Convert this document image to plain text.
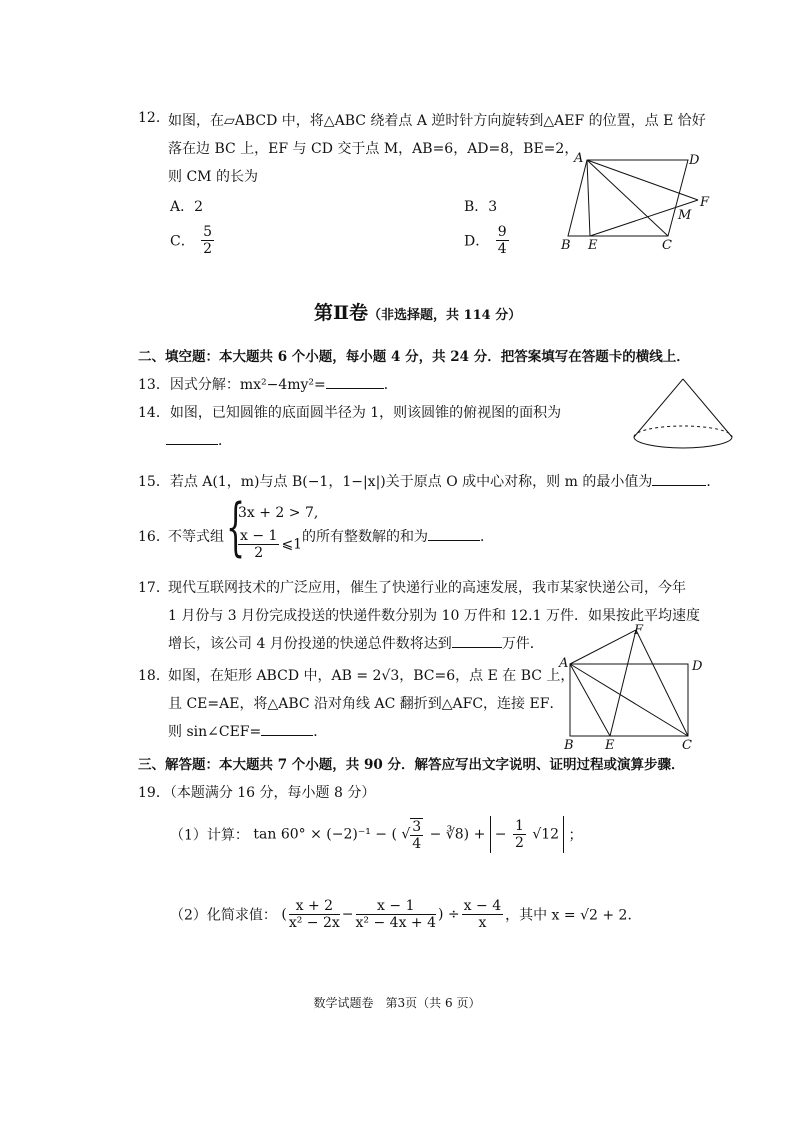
12. 如图，在▱ABCD 中，将△ABC 绕着点 A 逆时针方向旋转到△AEF 的位置，点 E 恰好
落在边 BC 上，EF 与 CD 交于点 M，AB=6，AD=8，BE=2，
则 CM 的长为
A．2	B．3
C． $\frac{5}{2}$	D． $\frac{9}{4}$
A	D
F
M
B E	C
第Ⅱ卷（非选择题，共 114 分）
二、填空题：本大题共 6 个小题，每小题 4 分，共 24 分．把答案填写在答题卡的横线上．
13．因式分解：mx²−4my²=	．
14．如图，已知圆锥的底面圆半径为 1，则该圆锥的俯视图的面积为
．
15．若点 A(1，m)与点 B(−1，1−|x|)关于原点 O 成中心对称，则 m 的最小值为	．
16．
不等式组 {
3x + 2 > 7,
$\frac{x - 1}{2}$ ⩽1 的所有整数解的和为	．
17．
现代互联网技术的广泛应用，催生了快递行业的高速发展，我市某家快递公司，今年
1 月份与 3 月份完成投送的快递件数分别为 10 万件和 12.1 万件．如果按此平均速度
增长，该公司 4 月份投递的快递总件数将达到	万件．
18．
如图，在矩形 ABCD 中，AB = 2√3，BC=6，点 E 在 BC 上，
且 CE=AE，将△ABC 沿对角线 AC 翻折到△AFC，连接 EF．
则 sin∠CEF=	．
A
F
D
B E	C
三、解答题：本大题共 7 个小题，共 90 分．解答应写出文字说明、证明过程或演算步骤．
19．（本题满分 16 分，每小题 8 分）
（1）计算： tan 60° × (−2)⁻¹ − ( √ $\frac{3}{4}$ − ∛8) + − $\frac{1}{2} √12$ ；
（2）化简求值： ( $\frac{x + 2}{\text{x² − 2x}} - \frac{x - 1}{\text{x² − 4x + 4}}$ ) ÷ $\frac{x - 4}{x}$ ，其中 x = √2 + 2．
数学试题卷　第3页（共 6 页）
